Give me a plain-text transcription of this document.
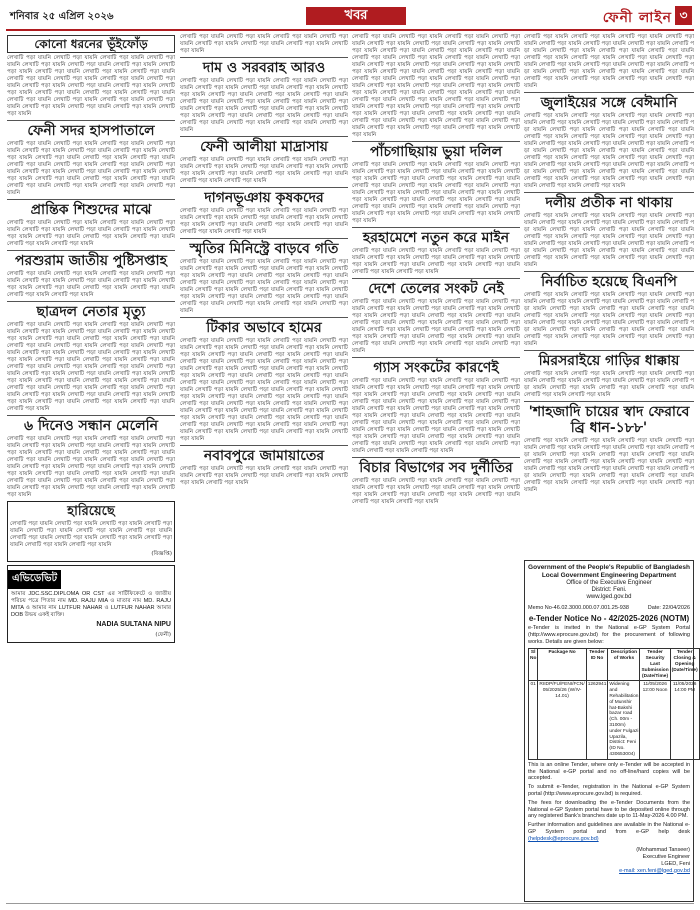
শনিবার ২৫ এপ্রিল ২০২৬	খবর	ফেনী লাইন ৩
কোনো ধরনের ভূঁইফোঁড়
লেখাটি পড়া যায়নি লেখাটি পড়া যায়নি লেখাটি পড়া যায়নি লেখাটি পড়া যায়নি লেখাটি পড়া যায়নি লেখাটি পড়া যায়নি লেখাটি পড়া যায়নি লেখাটি পড়া যায়নি লেখাটি পড়া যায়নি লেখাটি পড়া যায়নি লেখাটি পড়া যায়নি লেখাটি পড়া যায়নি লেখাটি পড়া যায়নি লেখাটি পড়া যায়নি লেখাটি পড়া যায়নি লেখাটি পড়া যায়নি লেখাটি পড়া যায়নি লেখাটি পড়া যায়নি লেখাটি পড়া যায়নি লেখাটি পড়া যায়নি লেখাটি পড়া যায়নি লেখাটি পড়া যায়নি লেখাটি পড়া যায়নি লেখাটি পড়া যায়নি লেখাটি পড়া যায়নি লেখাটি পড়া যায়নি লেখাটি পড়া যায়নি লেখাটি পড়া যায়নি লেখাটি পড়া যায়নি লেখাটি পড়া যায়নি
ফেনী সদর হাসপাতালে
লেখাটি পড়া যায়নি লেখাটি পড়া যায়নি লেখাটি পড়া যায়নি লেখাটি পড়া যায়নি লেখাটি পড়া যায়নি লেখাটি পড়া যায়নি লেখাটি পড়া যায়নি লেখাটি পড়া যায়নি লেখাটি পড়া যায়নি লেখাটি পড়া যায়নি লেখাটি পড়া যায়নি লেখাটি পড়া যায়নি লেখাটি পড়া যায়নি লেখাটি পড়া যায়নি লেখাটি পড়া যায়নি লেখাটি পড়া যায়নি লেখাটি পড়া যায়নি লেখাটি পড়া যায়নি লেখাটি পড়া যায়নি লেখাটি পড়া যায়নি লেখাটি পড়া যায়নি লেখাটি পড়া যায়নি লেখাটি পড়া যায়নি লেখাটি পড়া যায়নি লেখাটি পড়া যায়নি লেখাটি পড়া যায়নি
প্রান্তিক শিশুদের মাঝে
লেখাটি পড়া যায়নি লেখাটি পড়া যায়নি লেখাটি পড়া যায়নি লেখাটি পড়া যায়নি লেখাটি পড়া যায়নি লেখাটি পড়া যায়নি লেখাটি পড়া যায়নি লেখাটি পড়া যায়নি লেখাটি পড়া যায়নি লেখাটি পড়া যায়নি লেখাটি পড়া যায়নি লেখাটি পড়া যায়নি লেখাটি পড়া যায়নি
পরশুরাম জাতীয় পুষ্টিসপ্তাহ
লেখাটি পড়া যায়নি লেখাটি পড়া যায়নি লেখাটি পড়া যায়নি লেখাটি পড়া যায়নি লেখাটি পড়া যায়নি লেখাটি পড়া যায়নি লেখাটি পড়া যায়নি লেখাটি পড়া যায়নি লেখাটি পড়া যায়নি লেখাটি পড়া যায়নি লেখাটি পড়া যায়নি লেখাটি পড়া যায়নি লেখাটি পড়া যায়নি
ছাত্রদল নেতার মৃত্যু
লেখাটি পড়া যায়নি লেখাটি পড়া যায়নি লেখাটি পড়া যায়নি লেখাটি পড়া যায়নি লেখাটি পড়া যায়নি লেখাটি পড়া যায়নি লেখাটি পড়া যায়নি লেখাটি পড়া যায়নি লেখাটি পড়া যায়নি লেখাটি পড়া যায়নি লেখাটি পড়া যায়নি লেখাটি পড়া যায়নি লেখাটি পড়া যায়নি লেখাটি পড়া যায়নি লেখাটি পড়া যায়নি লেখাটি পড়া যায়নি লেখাটি পড়া যায়নি লেখাটি পড়া যায়নি লেখাটি পড়া যায়নি লেখাটি পড়া যায়নি লেখাটি পড়া যায়নি লেখাটি পড়া যায়নি লেখাটি পড়া যায়নি লেখাটি পড়া যায়নি লেখাটি পড়া যায়নি লেখাটি পড়া যায়নি লেখাটি পড়া যায়নি লেখাটি পড়া যায়নি লেখাটি পড়া যায়নি লেখাটি পড়া যায়নি লেখাটি পড়া যায়নি লেখাটি পড়া যায়নি লেখাটি পড়া যায়নি লেখাটি পড়া যায়নি লেখাটি পড়া যায়নি লেখাটি পড়া যায়নি লেখাটি পড়া যায়নি লেখাটি পড়া যায়নি লেখাটি পড়া যায়নি লেখাটি পড়া যায়নি লেখাটি পড়া যায়নি লেখাটি পড়া যায়নি লেখাটি পড়া যায়নি লেখাটি পড়া যায়নি লেখাটি পড়া যায়নি
৬ দিনেও সন্ধান মেলেনি
লেখাটি পড়া যায়নি লেখাটি পড়া যায়নি লেখাটি পড়া যায়নি লেখাটি পড়া যায়নি লেখাটি পড়া যায়নি লেখাটি পড়া যায়নি লেখাটি পড়া যায়নি লেখাটি পড়া যায়নি লেখাটি পড়া যায়নি লেখাটি পড়া যায়নি লেখাটি পড়া যায়নি লেখাটি পড়া যায়নি লেখাটি পড়া যায়নি লেখাটি পড়া যায়নি লেখাটি পড়া যায়নি লেখাটি পড়া যায়নি লেখাটি পড়া যায়নি লেখাটি পড়া যায়নি লেখাটি পড়া যায়নি লেখাটি পড়া যায়নি লেখাটি পড়া যায়নি লেখাটি পড়া যায়নি লেখাটি পড়া যায়নি লেখাটি পড়া যায়নি লেখাটি পড়া যায়নি লেখাটি পড়া যায়নি লেখাটি পড়া যায়নি লেখাটি পড়া যায়নি লেখাটি পড়া যায়নি লেখাটি পড়া যায়নি
হারিয়েছে
লেখাটি পড়া যায়নি লেখাটি পড়া যায়নি লেখাটি পড়া যায়নি লেখাটি পড়া যায়নি লেখাটি পড়া যায়নি লেখাটি পড়া যায়নি লেখাটি পড়া যায়নি লেখাটি পড়া যায়নি লেখাটি পড়া যায়নি লেখাটি পড়া যায়নি লেখাটি পড়া যায়নি লেখাটি পড়া যায়নি লেখাটি পড়া যায়নি
(বিজ্ঞপ্তি)
এভিডেভিট
আমার JDC.SSC.DIPLOMA OR CST এর সার্টিফিকেটে ও জাতীয় পরিচয় পত্রে পিতার নাম MD. RAJU MIA ও মাতার নাম MD. RAJU MITA ও আমার নাম LUTFUR NAHAR ও LUTFUR NAHAR আমার DOB উভয় একই ব্যক্তি।
NADIA SULTANA NIPU
(ফেনী)
লেখাটি পড়া যায়নি লেখাটি পড়া যায়নি লেখাটি পড়া যায়নি লেখাটি পড়া যায়নি লেখাটি পড়া যায়নি লেখাটি পড়া যায়নি লেখাটি পড়া যায়নি লেখাটি পড়া যায়নি
দাম ও সরবরাহ আরও
লেখাটি পড়া যায়নি লেখাটি পড়া যায়নি লেখাটি পড়া যায়নি লেখাটি পড়া যায়নি লেখাটি পড়া যায়নি লেখাটি পড়া যায়নি লেখাটি পড়া যায়নি লেখাটি পড়া যায়নি লেখাটি পড়া যায়নি লেখাটি পড়া যায়নি লেখাটি পড়া যায়নি লেখাটি পড়া যায়নি লেখাটি পড়া যায়নি লেখাটি পড়া যায়নি লেখাটি পড়া যায়নি লেখাটি পড়া যায়নি লেখাটি পড়া যায়নি লেখাটি পড়া যায়নি লেখাটি পড়া যায়নি লেখাটি পড়া যায়নি লেখাটি পড়া যায়নি লেখাটি পড়া যায়নি লেখাটি পড়া যায়নি লেখাটি পড়া যায়নি লেখাটি পড়া যায়নি লেখাটি পড়া যায়নি
ফেনী আলীয়া মাদ্রাসায়
লেখাটি পড়া যায়নি লেখাটি পড়া যায়নি লেখাটি পড়া যায়নি লেখাটি পড়া যায়নি লেখাটি পড়া যায়নি লেখাটি পড়া যায়নি লেখাটি পড়া যায়নি লেখাটি পড়া যায়নি লেখাটি পড়া যায়নি লেখাটি পড়া যায়নি লেখাটি পড়া যায়নি লেখাটি পড়া যায়নি লেখাটি পড়া যায়নি
দাগনভূঞায় কৃষকদের
লেখাটি পড়া যায়নি লেখাটি পড়া যায়নি লেখাটি পড়া যায়নি লেখাটি পড়া যায়নি লেখাটি পড়া যায়নি লেখাটি পড়া যায়নি লেখাটি পড়া যায়নি লেখাটি পড়া যায়নি লেখাটি পড়া যায়নি লেখাটি পড়া যায়নি লেখাটি পড়া যায়নি লেখাটি পড়া যায়নি লেখাটি পড়া যায়নি
স্মৃতির মিনিস্ট্রে বাড়বে গতি
লেখাটি পড়া যায়নি লেখাটি পড়া যায়নি লেখাটি পড়া যায়নি লেখাটি পড়া যায়নি লেখাটি পড়া যায়নি লেখাটি পড়া যায়নি লেখাটি পড়া যায়নি লেখাটি পড়া যায়নি লেখাটি পড়া যায়নি লেখাটি পড়া যায়নি লেখাটি পড়া যায়নি লেখাটি পড়া যায়নি লেখাটি পড়া যায়নি লেখাটি পড়া যায়নি লেখাটি পড়া যায়নি লেখাটি পড়া যায়নি লেখাটি পড়া যায়নি লেখাটি পড়া যায়নি লেখাটি পড়া যায়নি লেখাটি পড়া যায়নি লেখাটি পড়া যায়নি লেখাটি পড়া যায়নি লেখাটি পড়া যায়নি লেখাটি পড়া যায়নি লেখাটি পড়া যায়নি লেখাটি পড়া যায়নি
টিকার অভাবে হামের
লেখাটি পড়া যায়নি লেখাটি পড়া যায়নি লেখাটি পড়া যায়নি লেখাটি পড়া যায়নি লেখাটি পড়া যায়নি লেখাটি পড়া যায়নি লেখাটি পড়া যায়নি লেখাটি পড়া যায়নি লেখাটি পড়া যায়নি লেখাটি পড়া যায়নি লেখাটি পড়া যায়নি লেখাটি পড়া যায়নি লেখাটি পড়া যায়নি লেখাটি পড়া যায়নি লেখাটি পড়া যায়নি লেখাটি পড়া যায়নি লেখাটি পড়া যায়নি লেখাটি পড়া যায়নি লেখাটি পড়া যায়নি লেখাটি পড়া যায়নি লেখাটি পড়া যায়নি লেখাটি পড়া যায়নি লেখাটি পড়া যায়নি লেখাটি পড়া যায়নি লেখাটি পড়া যায়নি লেখাটি পড়া যায়নি লেখাটি পড়া যায়নি লেখাটি পড়া যায়নি লেখাটি পড়া যায়নি লেখাটি পড়া যায়নি লেখাটি পড়া যায়নি লেখাটি পড়া যায়নি লেখাটি পড়া যায়নি লেখাটি পড়া যায়নি লেখাটি পড়া যায়নি লেখাটি পড়া যায়নি লেখাটি পড়া যায়নি লেখাটি পড়া যায়নি লেখাটি পড়া যায়নি লেখাটি পড়া যায়নি লেখাটি পড়া যায়নি লেখাটি পড়া যায়নি লেখাটি পড়া যায়নি লেখাটি পড়া যায়নি লেখাটি পড়া যায়নি লেখাটি পড়া যায়নি লেখাটি পড়া যায়নি লেখাটি পড়া যায়নি লেখাটি পড়া যায়নি লেখাটি পড়া যায়নি লেখাটি পড়া যায়নি লেখাটি পড়া যায়নি
নবাবপুরে জামায়াতের
লেখাটি পড়া যায়নি লেখাটি পড়া যায়নি লেখাটি পড়া যায়নি লেখাটি পড়া যায়নি লেখাটি পড়া যায়নি লেখাটি পড়া যায়নি লেখাটি পড়া যায়নি লেখাটি পড়া যায়নি লেখাটি পড়া যায়নি
লেখাটি পড়া যায়নি লেখাটি পড়া যায়নি লেখাটি পড়া যায়নি লেখাটি পড়া যায়নি লেখাটি পড়া যায়নি লেখাটি পড়া যায়নি লেখাটি পড়া যায়নি লেখাটি পড়া যায়নি লেখাটি পড়া যায়নি লেখাটি পড়া যায়নি লেখাটি পড়া যায়নি লেখাটি পড়া যায়নি লেখাটি পড়া যায়নি লেখাটি পড়া যায়নি লেখাটি পড়া যায়নি লেখাটি পড়া যায়নি লেখাটি পড়া যায়নি লেখাটি পড়া যায়নি লেখাটি পড়া যায়নি লেখাটি পড়া যায়নি লেখাটি পড়া যায়নি লেখাটি পড়া যায়নি লেখাটি পড়া যায়নি লেখাটি পড়া যায়নি লেখাটি পড়া যায়নি লেখাটি পড়া যায়নি লেখাটি পড়া যায়নি লেখাটি পড়া যায়নি লেখাটি পড়া যায়নি লেখাটি পড়া যায়নি লেখাটি পড়া যায়নি লেখাটি পড়া যায়নি লেখাটি পড়া যায়নি লেখাটি পড়া যায়নি লেখাটি পড়া যায়নি লেখাটি পড়া যায়নি লেখাটি পড়া যায়নি লেখাটি পড়া যায়নি লেখাটি পড়া যায়নি লেখাটি পড়া যায়নি লেখাটি পড়া যায়নি লেখাটি পড়া যায়নি লেখাটি পড়া যায়নি লেখাটি পড়া যায়নি লেখাটি পড়া যায়নি লেখাটি পড়া যায়নি লেখাটি পড়া যায়নি লেখাটি পড়া যায়নি লেখাটি পড়া যায়নি লেখাটি পড়া যায়নি লেখাটি পড়া যায়নি লেখাটি পড়া যায়নি
পাঁচগাছিয়ায় ভুয়া দলিল
লেখাটি পড়া যায়নি লেখাটি পড়া যায়নি লেখাটি পড়া যায়নি লেখাটি পড়া যায়নি লেখাটি পড়া যায়নি লেখাটি পড়া যায়নি লেখাটি পড়া যায়নি লেখাটি পড়া যায়নি লেখাটি পড়া যায়নি লেখাটি পড়া যায়নি লেখাটি পড়া যায়নি লেখাটি পড়া যায়নি লেখাটি পড়া যায়নি লেখাটি পড়া যায়নি লেখাটি পড়া যায়নি লেখাটি পড়া যায়নি লেখাটি পড়া যায়নি লেখাটি পড়া যায়নি লেখাটি পড়া যায়নি লেখাটি পড়া যায়নি লেখাটি পড়া যায়নি লেখাটি পড়া যায়নি লেখাটি পড়া যায়নি লেখাটি পড়া যায়নি লেখাটি পড়া যায়নি লেখাটি পড়া যায়নি লেখাটি পড়া যায়নি লেখাটি পড়া যায়নি লেখাটি পড়া যায়নি লেখাটি পড়া যায়নি
হরহামেশে নতুন করে মাইন
লেখাটি পড়া যায়নি লেখাটি পড়া যায়নি লেখাটি পড়া যায়নি লেখাটি পড়া যায়নি লেখাটি পড়া যায়নি লেখাটি পড়া যায়নি লেখাটি পড়া যায়নি লেখাটি পড়া যায়নি লেখাটি পড়া যায়নি লেখাটি পড়া যায়নি লেখাটি পড়া যায়নি লেখাটি পড়া যায়নি লেখাটি পড়া যায়নি
দেশে তেলের সংকট নেই
লেখাটি পড়া যায়নি লেখাটি পড়া যায়নি লেখাটি পড়া যায়নি লেখাটি পড়া যায়নি লেখাটি পড়া যায়নি লেখাটি পড়া যায়নি লেখাটি পড়া যায়নি লেখাটি পড়া যায়নি লেখাটি পড়া যায়নি লেখাটি পড়া যায়নি লেখাটি পড়া যায়নি লেখাটি পড়া যায়নি লেখাটি পড়া যায়নি লেখাটি পড়া যায়নি লেখাটি পড়া যায়নি লেখাটি পড়া যায়নি লেখাটি পড়া যায়নি লেখাটি পড়া যায়নি লেখাটি পড়া যায়নি লেখাটি পড়া যায়নি লেখাটি পড়া যায়নি লেখাটি পড়া যায়নি লেখাটি পড়া যায়নি লেখাটি পড়া যায়নি লেখাটি পড়া যায়নি লেখাটি পড়া যায়নি
গ্যাস সংকটের কারণেই
লেখাটি পড়া যায়নি লেখাটি পড়া যায়নি লেখাটি পড়া যায়নি লেখাটি পড়া যায়নি লেখাটি পড়া যায়নি লেখাটি পড়া যায়নি লেখাটি পড়া যায়নি লেখাটি পড়া যায়নি লেখাটি পড়া যায়নি লেখাটি পড়া যায়নি লেখাটি পড়া যায়নি লেখাটি পড়া যায়নি লেখাটি পড়া যায়নি লেখাটি পড়া যায়নি লেখাটি পড়া যায়নি লেখাটি পড়া যায়নি লেখাটি পড়া যায়নি লেখাটি পড়া যায়নি লেখাটি পড়া যায়নি লেখাটি পড়া যায়নি লেখাটি পড়া যায়নি লেখাটি পড়া যায়নি লেখাটি পড়া যায়নি লেখাটি পড়া যায়নি লেখাটি পড়া যায়নি লেখাটি পড়া যায়নি লেখাটি পড়া যায়নি লেখাটি পড়া যায়নি লেখাটি পড়া যায়নি লেখাটি পড়া যায়নি লেখাটি পড়া যায়নি লেখাটি পড়া যায়নি লেখাটি পড়া যায়নি লেখাটি পড়া যায়নি লেখাটি পড়া যায়নি লেখাটি পড়া যায়নি লেখাটি পড়া যায়নি লেখাটি পড়া যায়নি লেখাটি পড়া যায়নি
বিচার বিভাগের সব দুর্নীতির
লেখাটি পড়া যায়নি লেখাটি পড়া যায়নি লেখাটি পড়া যায়নি লেখাটি পড়া যায়নি লেখাটি পড়া যায়নি লেখাটি পড়া যায়নি লেখাটি পড়া যায়নি লেখাটি পড়া যায়নি লেখাটি পড়া যায়নি লেখাটি পড়া যায়নি লেখাটি পড়া যায়নি লেখাটি পড়া যায়নি লেখাটি পড়া যায়নি
লেখাটি পড়া যায়নি লেখাটি পড়া যায়নি লেখাটি পড়া যায়নি লেখাটি পড়া যায়নি লেখাটি পড়া যায়নি লেখাটি পড়া যায়নি লেখাটি পড়া যায়নি লেখাটি পড়া যায়নি লেখাটি পড়া যায়নি লেখাটি পড়া যায়নি লেখাটি পড়া যায়নি লেখাটি পড়া যায়নি লেখাটি পড়া যায়নি লেখাটি পড়া যায়নি লেখাটি পড়া যায়নি লেখাটি পড়া যায়নি লেখাটি পড়া যায়নি লেখাটি পড়া যায়নি লেখাটি পড়া যায়নি লেখাটি পড়া যায়নি লেখাটি পড়া যায়নি লেখাটি পড়া যায়নি লেখাটি পড়া যায়নি লেখাটি পড়া যায়নি লেখাটি পড়া যায়নি লেখাটি পড়া যায়নি
জুলাইয়ের সঙ্গে বেঈমানি
লেখাটি পড়া যায়নি লেখাটি পড়া যায়নি লেখাটি পড়া যায়নি লেখাটি পড়া যায়নি লেখাটি পড়া যায়নি লেখাটি পড়া যায়নি লেখাটি পড়া যায়নি লেখাটি পড়া যায়নি লেখাটি পড়া যায়নি লেখাটি পড়া যায়নি লেখাটি পড়া যায়নি লেখাটি পড়া যায়নি লেখাটি পড়া যায়নি লেখাটি পড়া যায়নি লেখাটি পড়া যায়নি লেখাটি পড়া যায়নি লেখাটি পড়া যায়নি লেখাটি পড়া যায়নি লেখাটি পড়া যায়নি লেখাটি পড়া যায়নি লেখাটি পড়া যায়নি লেখাটি পড়া যায়নি লেখাটি পড়া যায়নি লেখাটি পড়া যায়নি লেখাটি পড়া যায়নি লেখাটি পড়া যায়নি লেখাটি পড়া যায়নি লেখাটি পড়া যায়নি লেখাটি পড়া যায়নি লেখাটি পড়া যায়নি লেখাটি পড়া যায়নি লেখাটি পড়া যায়নি লেখাটি পড়া যায়নি লেখাটি পড়া যায়নি লেখাটি পড়া যায়নি লেখাটি পড়া যায়নি লেখাটি পড়া যায়নি লেখাটি পড়া যায়নি লেখাটি পড়া যায়নি
দলীয় প্রতীক না থাকায়
লেখাটি পড়া যায়নি লেখাটি পড়া যায়নি লেখাটি পড়া যায়নি লেখাটি পড়া যায়নি লেখাটি পড়া যায়নি লেখাটি পড়া যায়নি লেখাটি পড়া যায়নি লেখাটি পড়া যায়নি লেখাটি পড়া যায়নি লেখাটি পড়া যায়নি লেখাটি পড়া যায়নি লেখাটি পড়া যায়নি লেখাটি পড়া যায়নি লেখাটি পড়া যায়নি লেখাটি পড়া যায়নি লেখাটি পড়া যায়নি লেখাটি পড়া যায়নি লেখাটি পড়া যায়নি লেখাটি পড়া যায়নি লেখাটি পড়া যায়নি লেখাটি পড়া যায়নি লেখাটি পড়া যায়নি লেখাটি পড়া যায়নি লেখাটি পড়া যায়নি লেখাটি পড়া যায়নি লেখাটি পড়া যায়নি
নির্বাচিত হয়েছে বিএনপি
লেখাটি পড়া যায়নি লেখাটি পড়া যায়নি লেখাটি পড়া যায়নি লেখাটি পড়া যায়নি লেখাটি পড়া যায়নি লেখাটি পড়া যায়নি লেখাটি পড়া যায়নি লেখাটি পড়া যায়নি লেখাটি পড়া যায়নি লেখাটি পড়া যায়নি লেখাটি পড়া যায়নি লেখাটি পড়া যায়নি লেখাটি পড়া যায়নি লেখাটি পড়া যায়নি লেখাটি পড়া যায়নি লেখাটি পড়া যায়নি লেখাটি পড়া যায়নি লেখাটি পড়া যায়নি লেখাটি পড়া যায়নি লেখাটি পড়া যায়নি লেখাটি পড়া যায়নি লেখাটি পড়া যায়নি লেখাটি পড়া যায়নি লেখাটি পড়া যায়নি লেখাটি পড়া যায়নি লেখাটি পড়া যায়নি
মিরসরাইয়ে গাড়ির ধাক্কায়
লেখাটি পড়া যায়নি লেখাটি পড়া যায়নি লেখাটি পড়া যায়নি লেখাটি পড়া যায়নি লেখাটি পড়া যায়নি লেখাটি পড়া যায়নি লেখাটি পড়া যায়নি লেখাটি পড়া যায়নি লেখাটি পড়া যায়নি লেখাটি পড়া যায়নি লেখাটি পড়া যায়নি লেখাটি পড়া যায়নি লেখাটি পড়া যায়নি
'শাহজাদি চায়ের স্বাদ ফেরাবে ব্রি ধান-১৮৮'
লেখাটি পড়া যায়নি লেখাটি পড়া যায়নি লেখাটি পড়া যায়নি লেখাটি পড়া যায়নি লেখাটি পড়া যায়নি লেখাটি পড়া যায়নি লেখাটি পড়া যায়নি লেখাটি পড়া যায়নি লেখাটি পড়া যায়নি লেখাটি পড়া যায়নি লেখাটি পড়া যায়নি লেখাটি পড়া যায়নি লেখাটি পড়া যায়নি লেখাটি পড়া যায়নি লেখাটি পড়া যায়নি লেখাটি পড়া যায়নি লেখাটি পড়া যায়নি লেখাটি পড়া যায়নি লেখাটি পড়া যায়নি লেখাটি পড়া যায়নি লেখাটি পড়া যায়নি লেখাটি পড়া যায়নি লেখাটি পড়া যায়নি লেখাটি পড়া যায়নি লেখাটি পড়া যায়নি লেখাটি পড়া যায়নি
Government of the People's Republic of Bangladesh
Local Government Engineering Department
Office of the Executive Engineer
District: Feni.
www.lged.gov.bd
Memo No-46.02.3000.000.07.001.25-938	Date: 22/04/2026
e-Tender Notice No - 42/2025-2026 (NOTM)
e-Tender is invited in the National e-GP System Portal (http://www.eprocure.gov.bd) for the procurement of following works. Details are given below:
Sl No	Package No	Tender ID No	Description of Works	Tender Security Last Submission (Date/Time)	Tender Closing & Opening (Date/Time)
01	RIIDP/FU/FENI/FCN/ 05/2025/26 (W/IV-14.01)	1262941	Widening and Rehabilitation of Munshir hat-Bakshi bazar road (Ch. 00m - 3100m) under Fulgazi Upazila, District: Feni (ID No. 430653004)	11/05/2026 12:00 Noon	11/05/2026 14:00 PM
This is an online Tender, where only e-Tender will be accepted in the National e-GP portal and no off-line/hard copies will be accepted.
To submit e-Tender, registration in the National e-GP System portal (http://www.eprocure.gov.bd) is required.
The fees for downloading the e-Tender Documents from the National e-GP System portal have to be deposited online through any registered Bank's branches date up to 11-May-2026 4.00 PM.
Further information and guidelines are available in the National e-GP System portal and from e-GP help desk (helpdesk@eprocure.gov.bd)
(Mohammad Tanseer)
Executive Engineer
LGED, Feni
e-mail: xen.feni@lged.gov.bd
